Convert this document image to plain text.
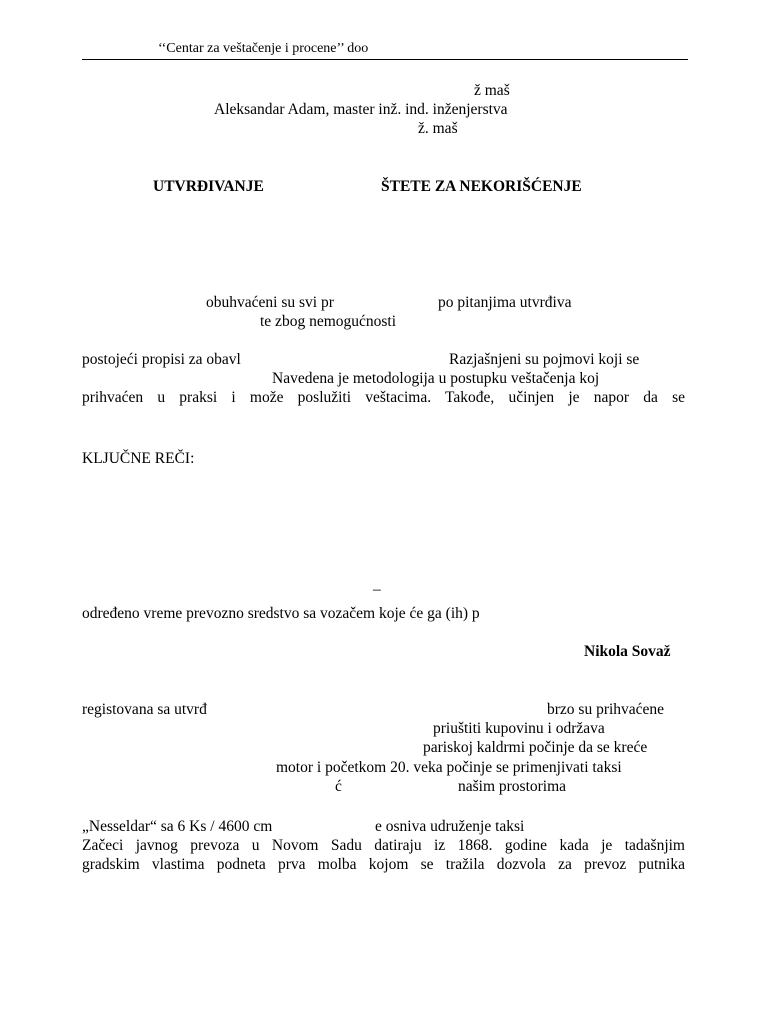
‘‘Centar za veštačenje i procene’’ doo
ž maš
Aleksandar Adam, master inž. ind. inženjerstva
ž. maš
UTVRĐIVANJE	ŠTETE ZA NEKORIŠĆENJE
obuhvaćeni su svi pr	po pitanjima utvrđiva
te zbog nemogućnosti
postojeći propisi za obavl	Razjašnjeni su pojmovi koji se
Navedena je metodologija u postupku veštačenja koj
prihvaćen u praksi i može poslužiti veštacima. Takođe, učinjen je napor da se
KLJUČNE REČI:
–
određeno vreme prevozno sredstvo sa vozačem koje će ga (ih) p
Nikola Sovaž
registovana sa utvrđ	brzo su prihvaćene
priuštiti kupovinu i održava
pariskoj kaldrmi počinje da se kreće
motor i početkom 20. veka počinje se primenjivati taksi
ć	našim prostorima
„Nesseldar“ sa 6 Ks / 4600 cm	e osniva udruženje taksi
Začeci javnog prevoza u Novom Sadu datiraju iz 1868. godine kada je tadašnjim
gradskim vlastima podneta prva molba kojom se tražila dozvola za prevoz putnika
